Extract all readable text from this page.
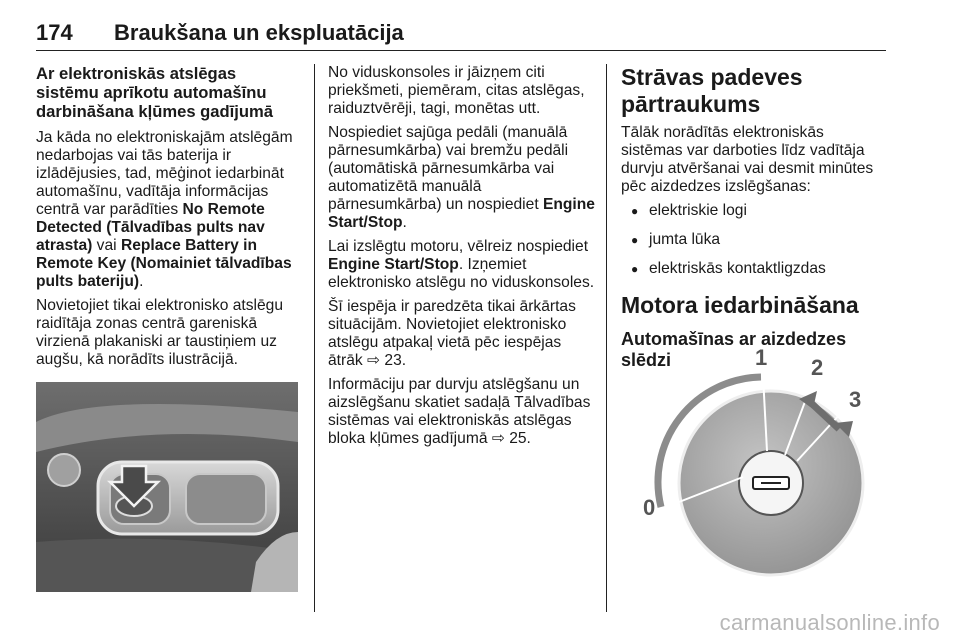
174 Braukšana un ekspluatācija
Ar elektroniskās atslēgas sistēmu aprīkotu automašīnu darbināšana kļūmes gadījumā

Ja kāda no elektroniskajām atslēgām nedarbojas vai tās baterija ir izlādējusies, tad, mēģinot iedarbināt automašīnu, vadītāja informācijas centrā var parādīties No Remote Detected (Tālvadības pults nav atrasta) vai Replace Battery in Remote Key (Nomainiet tālvadības pults bateriju).

Novietojiet tikai elektronisko atslēgu raidītāja zonas centrā gareniskā virzienā plakaniski ar taustiņiem uz augšu, kā norādīts ilustrācijā.

No viduskonsoles ir jāizņem citi priekšmeti, piemēram, citas atslēgas, raiduztvērēji, tagi, monētas utt.

Nospiediet sajūga pedāli (manuālā pārnesumkārba) vai bremžu pedāli (automātiskā pārnesumkārba vai automatizētā manuālā pārnesumkārba) un nospiediet Engine Start/Stop.

Lai izslēgtu motoru, vēlreiz nospiediet Engine Start/Stop. Izņemiet elektronisko atslēgu no viduskonsoles.

Šī iespēja ir paredzēta tikai ārkārtas situācijām. Novietojiet elektronisko atslēgu atpakaļ vietā pēc iespējas ātrāk ⇨ 23.

Informāciju par durvju atslēgšanu un aizslēgšanu skatiet sadaļā Tālvadības sistēmas vai elektroniskās atslēgas bloka kļūmes gadījumā ⇨ 25.

Strāvas padeves pārtraukums

Tālāk norādītās elektroniskās sistēmas var darboties līdz vadītāja durvju atvēršanai vai desmit minūtes pēc aizdedzes izslēgšanas:

● elektriskie logi
● jumta lūka
● elektriskās kontaktligzdas
Motora iedarbināšana
Automašīnas ar aizdedzes slēdzi	1 2
3
0
carmanualsonline.info
